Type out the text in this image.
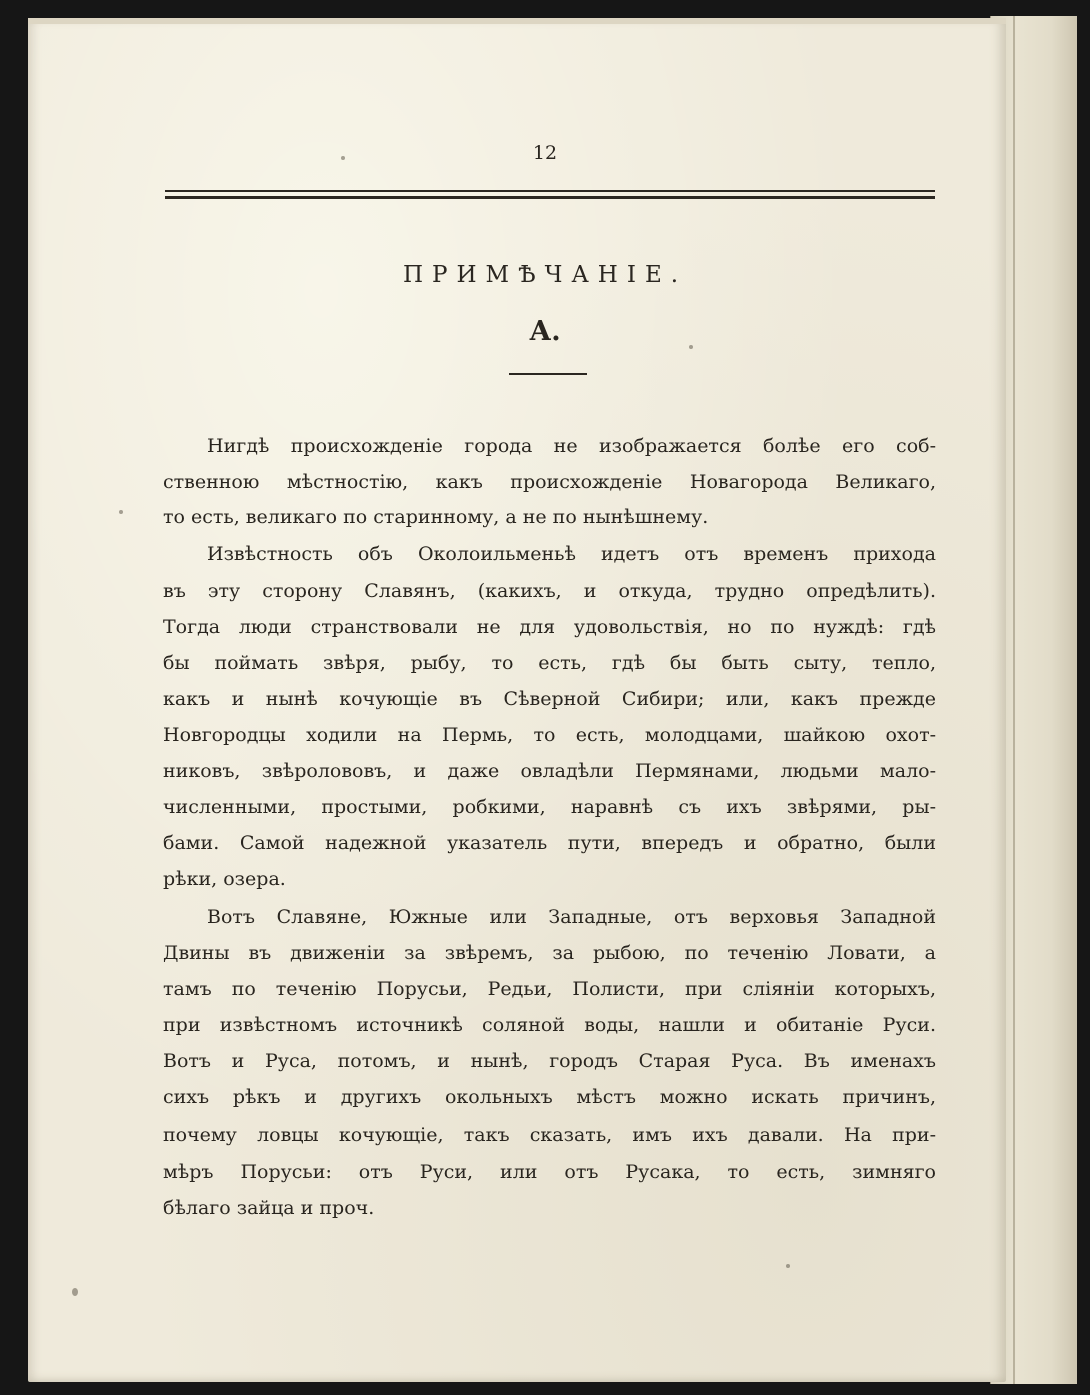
12
ПРИМѢЧАНІЕ.
А.
Нигдѣ происхожденіе города не изображается болѣе его соб-
ственною мѣстностію, какъ происхожденіе Новагорода Великаго,
то есть, великаго по старинному, а не по нынѣшнему.
Извѣстность объ Околоильменьѣ идетъ отъ временъ прихода
въ эту сторону Славянъ, (какихъ, и откуда, трудно опредѣлить).
Тогда люди странствовали не для удовольствія, но по нуждѣ: гдѣ
бы поймать звѣря, рыбу, то есть, гдѣ бы быть сыту, тепло,
какъ и нынѣ кочующіе въ Сѣверной Сибири; или, какъ прежде
Новгородцы ходили на Пермь, то есть, молодцами, шайкою охот-
никовъ, звѣролововъ, и даже овладѣли Пермянами, людьми мало-
численными, простыми, робкими, наравнѣ съ ихъ звѣрями, ры-
бами. Самой надежной указатель пути, впередъ и обратно, были
рѣки, озера.
Вотъ Славяне, Южные или Западные, отъ верховья Западной
Двины въ движеніи за звѣремъ, за рыбою, по теченію Ловати, а
тамъ по теченію Порусьи, Редьи, Полисти, при сліяніи которыхъ,
при извѣстномъ источникѣ соляной воды, нашли и обитаніе Руси.
Вотъ и Руса, потомъ, и нынѣ, городъ Старая Руса. Въ именахъ
сихъ рѣкъ и другихъ окольныхъ мѣстъ можно искать причинъ,
почему ловцы кочующіе, такъ сказать, имъ ихъ давали. На при-
мѣръ Порусьи: отъ Руси, или отъ Русака, то есть, зимняго
бѣлаго зайца и проч.
